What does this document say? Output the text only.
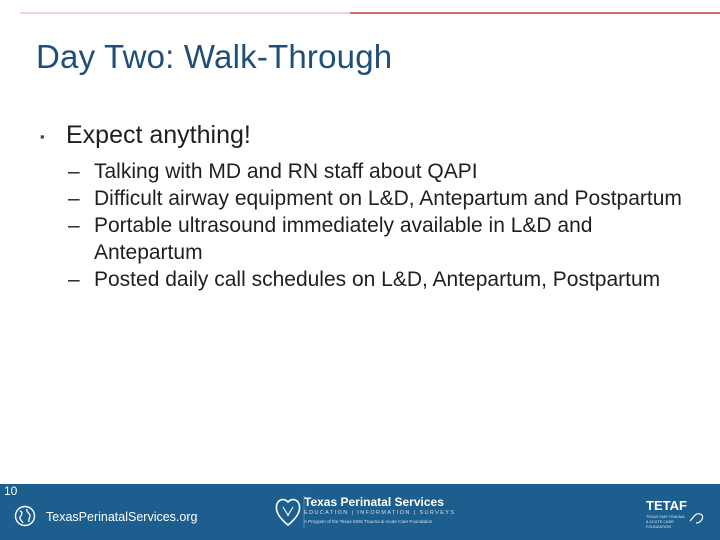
Day Two: Walk-Through
▪ Expect anything!
– Talking with MD and RN staff about QAPI
– Difficult airway equipment on L&D, Antepartum and Postpartum
– Portable ultrasound immediately available in L&D and Antepartum
– Posted daily call schedules on L&D, Antepartum, Postpartum
10
TexasPerinatalServices.org
Texas Perinatal Services
EDUCATION | INFORMATION | SURVEYS
A Program of the Texas EMS Trauma & Acute Care Foundation
TETAF
TEXAS EMS TRAUMA & ACUTE CARE FOUNDATION
